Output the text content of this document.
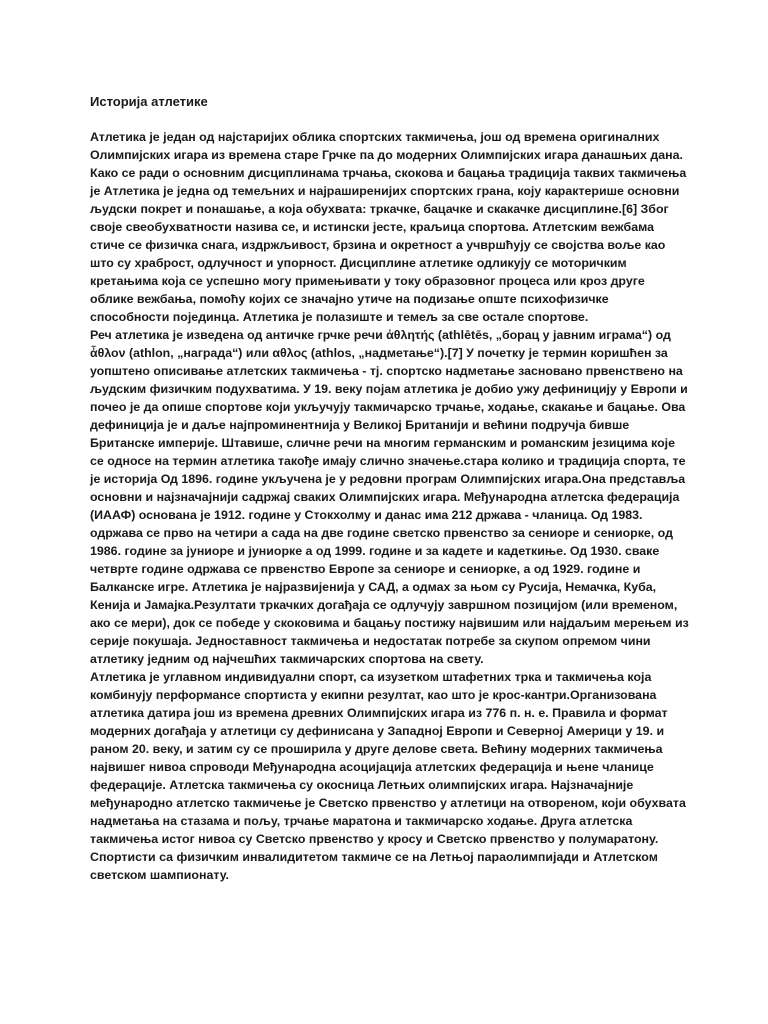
Историја атлетике

Атлетика је један од најстаријих облика спортских такмичења, још од времена оригиналних Олимпијских игара из времена старе Грчке па до модерних Олимпијских игара данашњих дана. Како се ради о основним дисциплинама трчања, скокова и бацања традиција таквих такмичења је Атлетика је једна од темељних и најраширенијих спортских грана, коју карактерише основни људски покрет и понашање, а која обухвата: тркачке, бацачке и скакачке дисциплине.[6] Због своје свеобухватности назива се, и истински јесте, краљица спортова. Атлетским вежбама стиче се физичка снага, издржљивост, брзина и окретност а учвршћују се својства воље као што су храброст, одлучност и упорност. Дисциплине атлетике одликују се моторичким кретањима која се успешно могу примењивати у току образовног процеса или кроз друге облике вежбања, помоћу којих се значајно утиче на подизање опште психофизичке способности појединца. Атлетика је полазиште и темељ за све остале спортове.

Реч атлетика је изведена од античке грчке речи ἀθλητής (athlētēs, „борац у јавним играма“) од ἆθλον (athlon, „награда“) или αθλος (athlos, „надметање“).[7] У почетку је термин коришћен за уопштено описивање атлетских такмичења - тј. спортско надметање засновано првенствено на људским физичким подухватима. У 19. веку појам атлетика је добио ужу дефиницију у Европи и почео је да опише спортове који укључују такмичарско трчање, ходање, скакање и бацање. Ова дефиниција је и даље најпроминентнија у Великој Британији и већини подручја бивше Британске империје. Штавише, сличне речи на многим германским и романским језицима које се односе на термин атлетика такође имају слично значење.стара колико и традиција спорта, те је историја Од 1896. године укључена је у редовни програм Олимпијских игара.Она представља основни и најзначајнији садржај сваких Олимпијских игара. Међународна атлетска федерација (ИААФ) основана је 1912. године у Стокхолму и данас има 212 држава - чланица. Од 1983. одржава се прво на четири а сада на две године светско првенство за сениоре и сениорке, од 1986. године за јуниоре и јуниорке а од 1999. године и за кадете и кадеткиње. Од 1930. сваке четврте године одржава се првенство Европе за сениоре и сениорке, а од 1929. године и Балканске игре. Атлетика је најразвијенија у САД, а одмах за њом су Русија, Немачка, Куба, Кенија и Јамајка.Резултати тркачких догађаја се одлучују завршном позицијом (или временом, ако се мери), док се победе у скоковима и бацању постижу највишим или најдаљим мерењем из серије покушаја. Једноставност такмичења и недостатак потребе за скупом опремом чини атлетику једним од најчешћих такмичарских спортова на свету.

Атлетика је углавном индивидуални спорт, са изузетком штафетних трка и такмичења која комбинују перформансе спортиста у екипни резултат, као што је крос-кантри.Организована атлетика датира још из времена древних Олимпијских игара из 776 п. н. е. Правила и формат модерних догађаја у атлетици су дефинисана у Западној Европи и Северној Америци у 19. и раном 20. веку, и затим су се проширила у друге делове света. Већину модерних такмичења највишег нивоа спроводи Међународна асоцијација атлетских федерација и њене чланице федерације. Атлетска такмичења су окосница Летњих олимпијских игара. Најзначајније међународно атлетско такмичење је Светско првенство у атлетици на отвореном, који обухвата надметања на стазама и пољу, трчање маратона и такмичарско ходање. Друга атлетска такмичења истог нивоа су Светско првенство у кросу и Светско првенство у полумаратону. Спортисти са физичким инвалидитетом такмиче се на Летњој параолимпијади и Атлетском светском шампионату.
